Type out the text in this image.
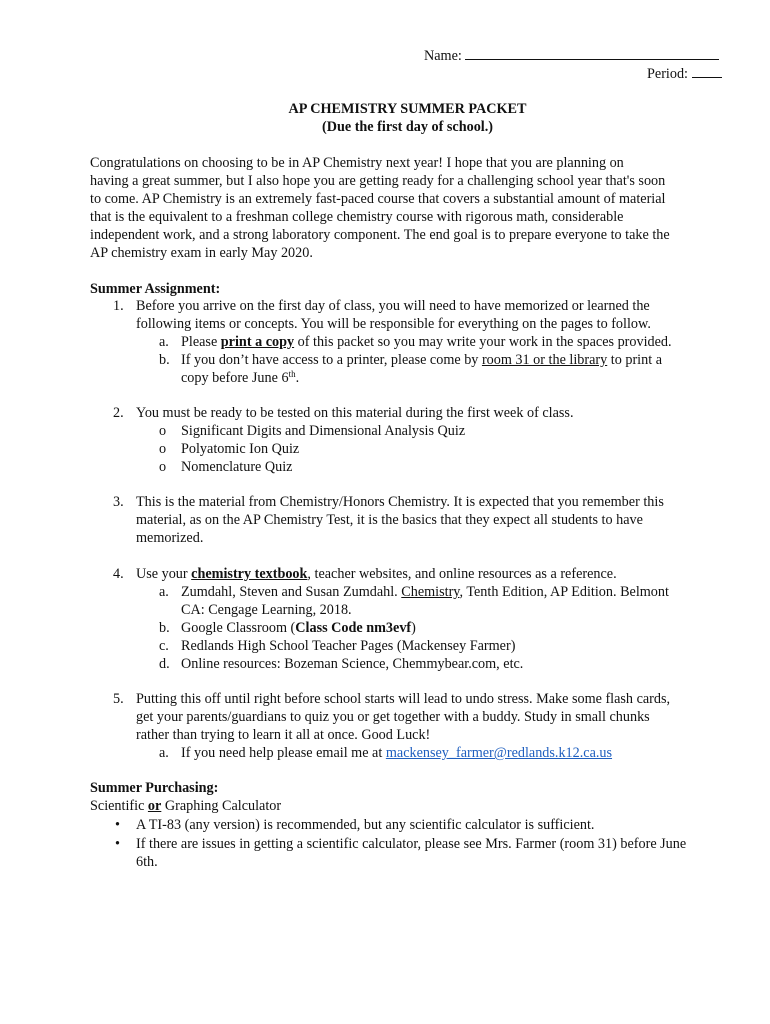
Name:
Period:
AP CHEMISTRY SUMMER PACKET
(Due the first day of school.)
Congratulations on choosing to be in AP Chemistry next year! I hope that you are planning on
having a great summer, but I also hope you are getting ready for a challenging school year that's soon
to come. AP Chemistry is an extremely fast-paced course that covers a substantial amount of material
that is the equivalent to a freshman college chemistry course with rigorous math, considerable
independent work, and a strong laboratory component. The end goal is to prepare everyone to take the
AP chemistry exam in early May 2020.
Summer Assignment:
1. Before you arrive on the first day of class, you will need to have memorized or learned the
following items or concepts. You will be responsible for everything on the pages to follow.
a. Please print a copy of this packet so you may write your work in the spaces provided.
b. If you don’t have access to a printer, please come by room 31 or the library to print a
copy before June 6th.
2. You must be ready to be tested on this material during the first week of class.
o Significant Digits and Dimensional Analysis Quiz
o Polyatomic Ion Quiz
o Nomenclature Quiz
3. This is the material from Chemistry/Honors Chemistry. It is expected that you remember this
material, as on the AP Chemistry Test, it is the basics that they expect all students to have
memorized.
4. Use your chemistry textbook, teacher websites, and online resources as a reference.
a. Zumdahl, Steven and Susan Zumdahl. Chemistry, Tenth Edition, AP Edition. Belmont
CA: Cengage Learning, 2018.
b. Google Classroom (Class Code nm3evf)
c. Redlands High School Teacher Pages (Mackensey Farmer)
d. Online resources: Bozeman Science, Chemmybear.com, etc.
5. Putting this off until right before school starts will lead to undo stress. Make some flash cards,
get your parents/guardians to quiz you or get together with a buddy. Study in small chunks
rather than trying to learn it all at once. Good Luck!
a. If you need help please email me at mackensey_farmer@redlands.k12.ca.us
Summer Purchasing:
Scientific or Graphing Calculator
• A TI-83 (any version) is recommended, but any scientific calculator is sufficient.
• If there are issues in getting a scientific calculator, please see Mrs. Farmer (room 31) before June
6th.
